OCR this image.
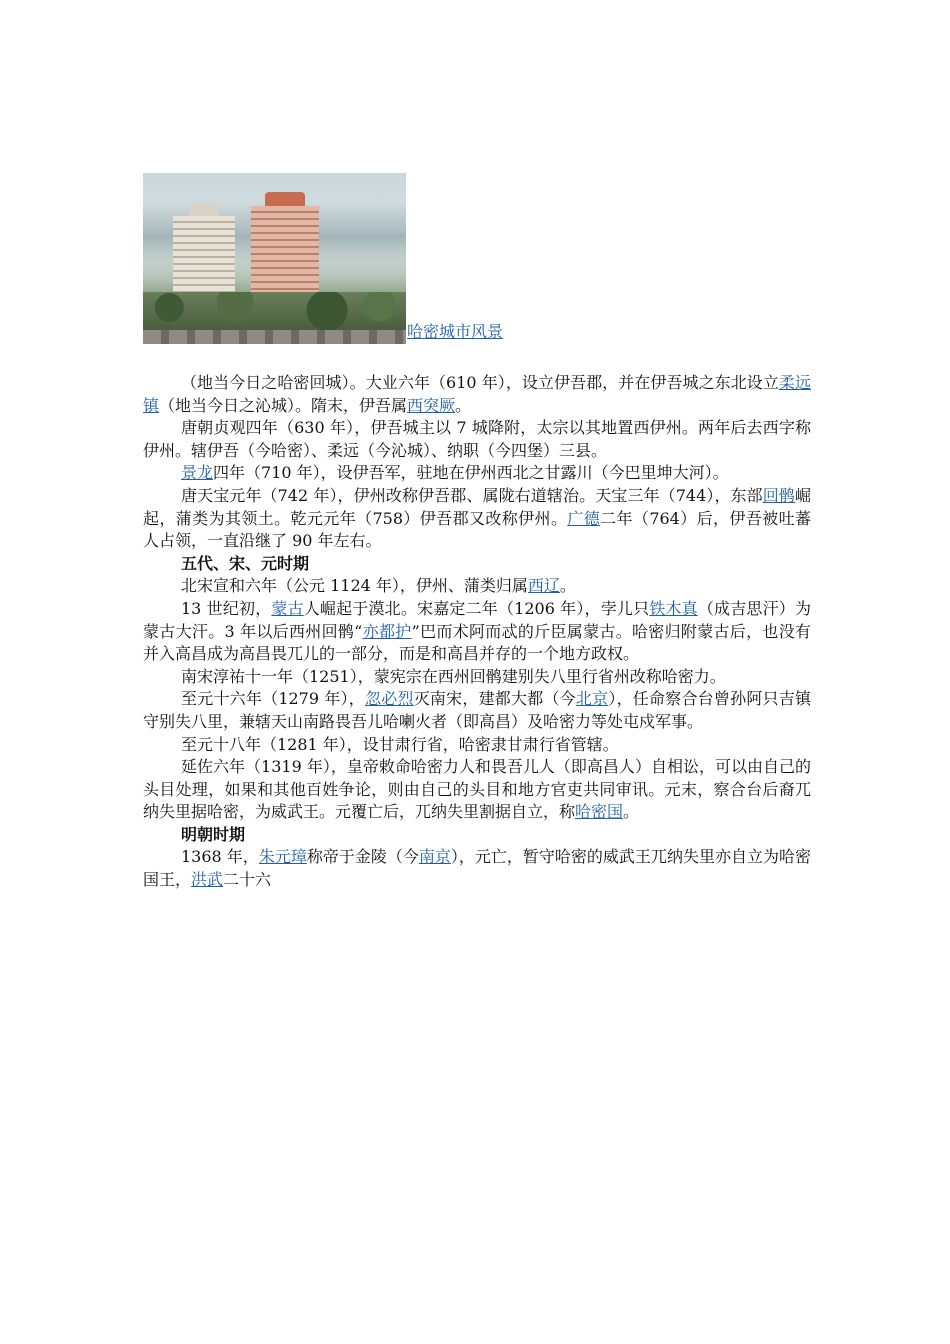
哈密城市风景

（地当今日之哈密回城）。大业六年（610 年），设立伊吾郡，并在伊吾城之东北设立柔远镇（地当今日之沁城）。隋末，伊吾属西突厥。

唐朝贞观四年（630 年），伊吾城主以 7 城降附，太宗以其地置西伊州。两年后去西字称伊州。辖伊吾（今哈密）、柔远（今沁城）、纳职（今四堡）三县。

景龙四年（710 年），设伊吾军，驻地在伊州西北之甘露川（今巴里坤大河）。

唐天宝元年（742 年），伊州改称伊吾郡、属陇右道辖治。天宝三年（744），东部回鹘崛起，蒲类为其领土。乾元元年（758）伊吾郡又改称伊州。广德二年（764）后，伊吾被吐蕃人占领，一直沿继了 90 年左右。

五代、宋、元时期

北宋宣和六年（公元 1124 年），伊州、蒲类归属西辽。

13 世纪初，蒙古人崛起于漠北。宋嘉定二年（1206 年），孛儿只铁木真（成吉思汗）为蒙古大汗。3 年以后西州回鹘“亦都护”巴而术阿而忒的斤臣属蒙古。哈密归附蒙古后，也没有并入高昌成为高昌畏兀儿的一部分，而是和高昌并存的一个地方政权。

南宋淳祐十一年（1251），蒙宪宗在西州回鹘建别失八里行省州改称哈密力。

至元十六年（1279 年），忽必烈灭南宋，建都大都（今北京），任命察合台曾孙阿只吉镇守别失八里，兼辖天山南路畏吾儿哈喇火者（即高昌）及哈密力等处屯戍军事。

至元十八年（1281 年），设甘肃行省，哈密隶甘肃行省管辖。

延佐六年（1319 年），皇帝敕命哈密力人和畏吾儿人（即高昌人）自相讼，可以由自己的头目处理，如果和其他百姓争论，则由自己的头目和地方官吏共同审讯。元末，察合台后裔兀纳失里据哈密，为威武王。元覆亡后，兀纳失里割据自立，称哈密国。

明朝时期

1368 年，朱元璋称帝于金陵（今南京），元亡，暂守哈密的威武王兀纳失里亦自立为哈密国王，洪武二十六
